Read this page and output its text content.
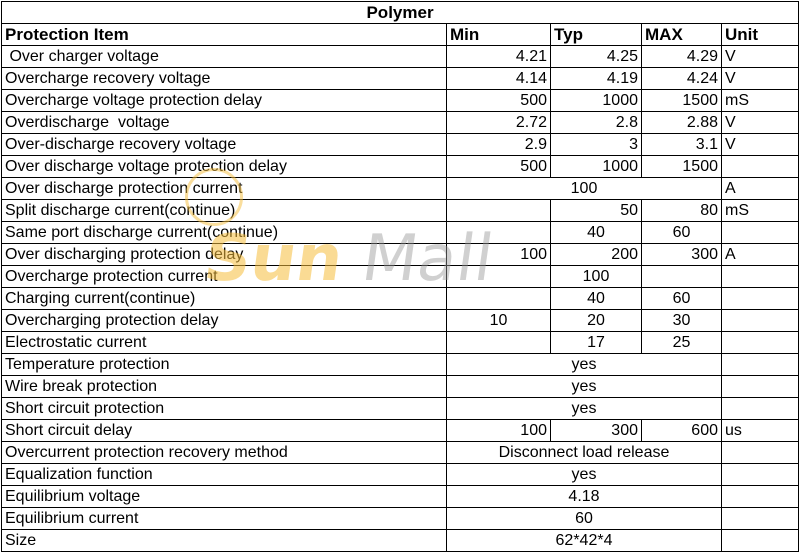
Polymer				
Protection Item	Min	Typ	MAX	Unit
Over charger voltage	4.21	4.25	4.29	V
Overcharge recovery voltage	4.14	4.19	4.24	V
Overcharge voltage protection delay	500	1000	1500	mS
Overdischarge  voltage	2.72	2.8	2.88	V
Over-discharge recovery voltage	2.9	3	3.1	V
Over discharge voltage protection delay	500	1000	1500	
Over discharge protection current	100			A
Split discharge current(continue)		50	80	mS
Same port discharge current(continue)		40	60	
Over discharging protection delay	100	200	300	A
Overcharge protection current		100		
Charging current(continue)		40	60	
Overcharging protection delay	10	20	30	
Electrostatic current		17	25	
Temperature protection	yes			
Wire break protection	yes			
Short circuit protection	yes			
Short circuit delay	100	300	600	us
Overcurrent protection recovery method	Disconnect load release			
Equalization function	yes			
Equilibrium voltage	4.18			
Equilibrium current	60			
Size	62*42*4			
Sun Mall
